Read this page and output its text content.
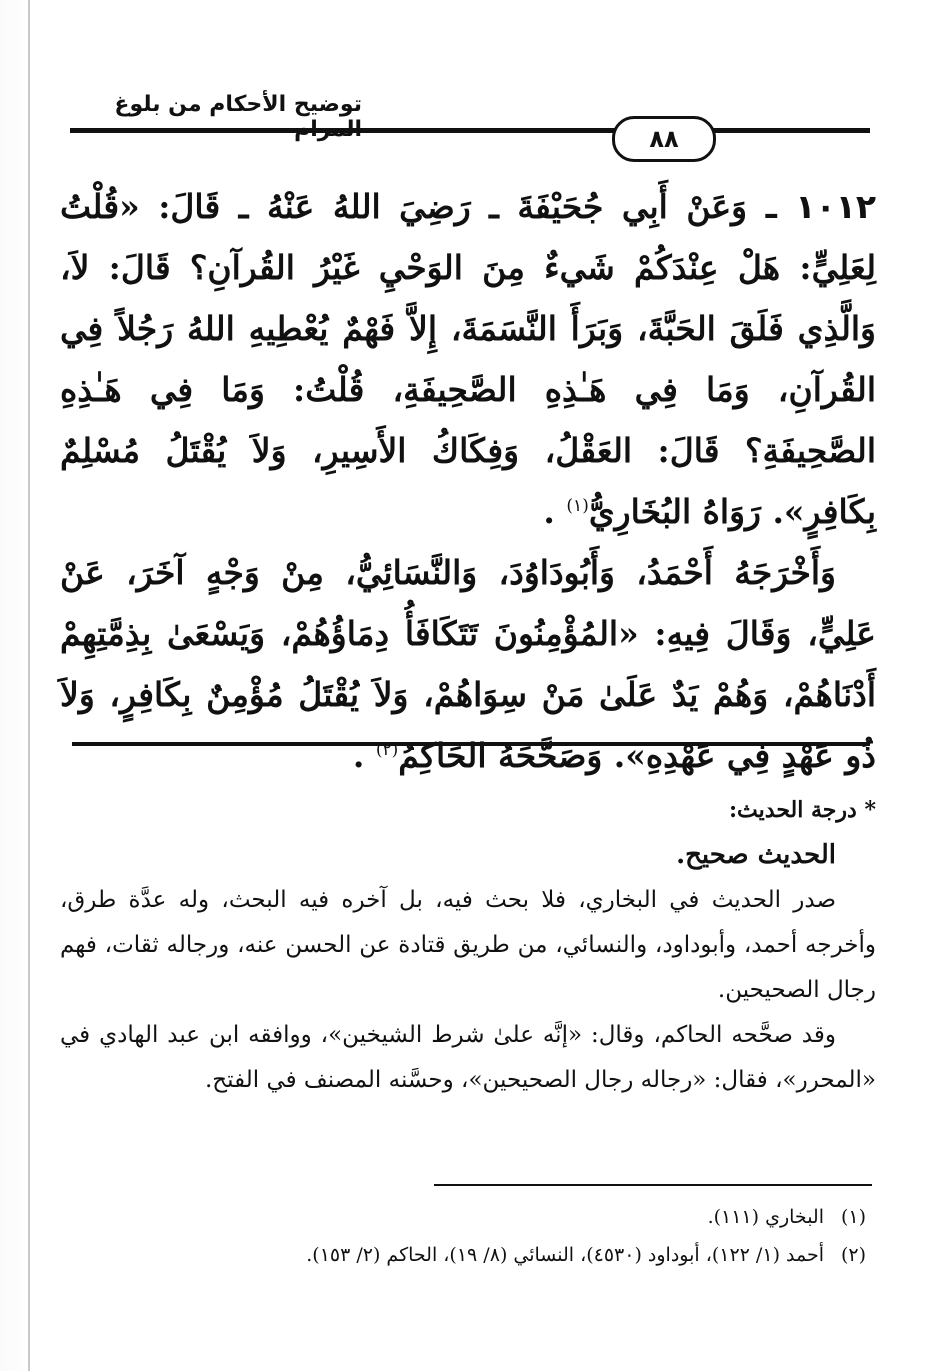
توضيح الأحكام من بلوغ المرام	٨٨

١٠١٢ ـ وَعَنْ أَبِي جُحَيْفَةَ ـ رَضِيَ اللهُ عَنْهُ ـ قَالَ: «قُلْتُ لِعَلِيٍّ: هَلْ عِنْدَكُمْ شَيءٌ مِنَ الوَحْيِ غَيْرُ القُرآنِ؟ قَالَ: لاَ، وَالَّذِي فَلَقَ الحَبَّةَ، وَبَرَأَ النَّسَمَةَ، إِلاَّ فَهْمٌ يُعْطِيهِ اللهُ رَجُلاً فِي القُرآنِ، وَمَا فِي هَـٰذِهِ الصَّحِيفَةِ، قُلْتُ: وَمَا فِي هَـٰذِهِ الصَّحِيفَةِ؟ قَالَ: العَقْلُ، وَفِكَاكُ الأَسِيرِ، وَلاَ يُقْتَلُ مُسْلِمٌ بِكَافِرٍ». رَوَاهُ البُخَارِيُّ$^{(١)}$ .

وَأَخْرَجَهُ أَحْمَدُ، وَأَبُودَاوُدَ، وَالنَّسَائِيُّ، مِنْ وَجْهٍ آخَرَ، عَنْ عَلِيٍّ، وَقَالَ فِيهِ: «المُؤْمِنُونَ تَتَكَافَأُ دِمَاؤُهُمْ، وَيَسْعَىٰ بِذِمَّتِهِمْ أَدْنَاهُمْ، وَهُمْ يَدٌ عَلَىٰ مَنْ سِوَاهُمْ، وَلاَ يُقْتَلُ مُؤْمِنٌ بِكَافِرٍ، وَلاَ ذُو عَهْدٍ فِي عَهْدِهِ». وَصَحَّحَهُ الحَاكِمُ$^{(٢)}$ .

* درجة الحديث:

الحديث صحيح.

صدر الحديث في البخاري، فلا بحث فيه، بل آخره فيه البحث، وله عدَّة طرق، وأخرجه أحمد، وأبوداود، والنسائي، من طريق قتادة عن الحسن عنه، ورجاله ثقات، فهم رجال الصحيحين.

وقد صحَّحه الحاكم، وقال: «إنَّه علىٰ شرط الشيخين»، ووافقه ابن عبد الهادي في «المحرر»، فقال: «رجاله رجال الصحيحين»، وحسَّنه المصنف في الفتح.

(١)
البخاري (١١١).
(٢)
أحمد (١/ ١٢٢)، أبوداود (٤٥٣٠)، النسائي (٨/ ١٩)، الحاكم (٢/ ١٥٣).
